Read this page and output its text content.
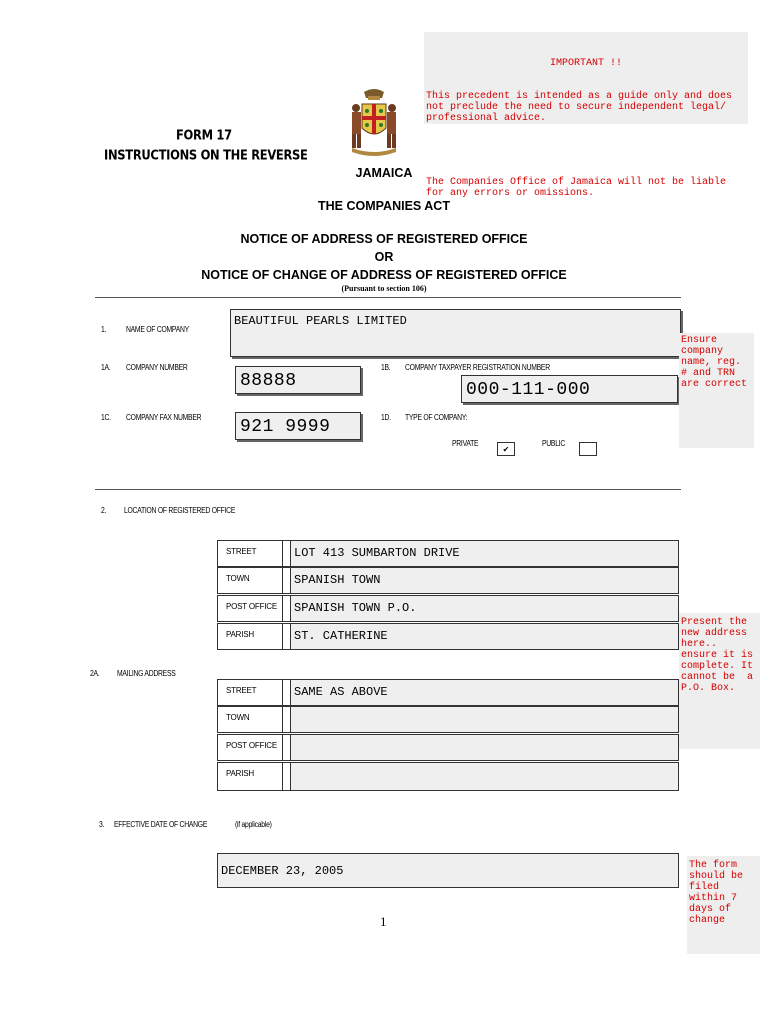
IMPORTANT !!

This precedent is intended as a guide only and does not preclude the need to secure independent legal/ professional advice.

The Companies Office of Jamaica will not be liable for any errors or omissions.

FORM 17
INSTRUCTIONS ON THE REVERSE
JAMAICA
THE COMPANIES ACT
NOTICE OF ADDRESS OF REGISTERED OFFICE
OR
NOTICE OF CHANGE OF ADDRESS OF REGISTERED OFFICE
(Pursuant to section 106)
1. NAME OF COMPANY
BEAUTIFUL PEARLS LIMITED
1A. COMPANY NUMBER
88888
1B. COMPANY TAXPAYER REGISTRATION NUMBER
000-111-000
1C. COMPANY FAX NUMBER 921 9999	1D. TYPE OF COMPANY:
PRIVATE
✔
PUBLIC
2. LOCATION OF REGISTERED OFFICE
STREET	LOT 413 SUMBARTON DRIVE
TOWN	SPANISH TOWN
POST OFFICE	SPANISH TOWN P.O.
PARISH	ST. CATHERINE
2A. MAILING ADDRESS
STREET	SAME AS ABOVE
TOWN
POST OFFICE
PARISH
3. EFFECTIVE DATE OF CHANGE	(if applicable)
DECEMBER 23, 2005
1
Ensure company name, reg. # and TRN are correct
Present the new address here.. ensure it is complete. It cannot be  a P.O. Box.
The form should be filed within 7 days of change
